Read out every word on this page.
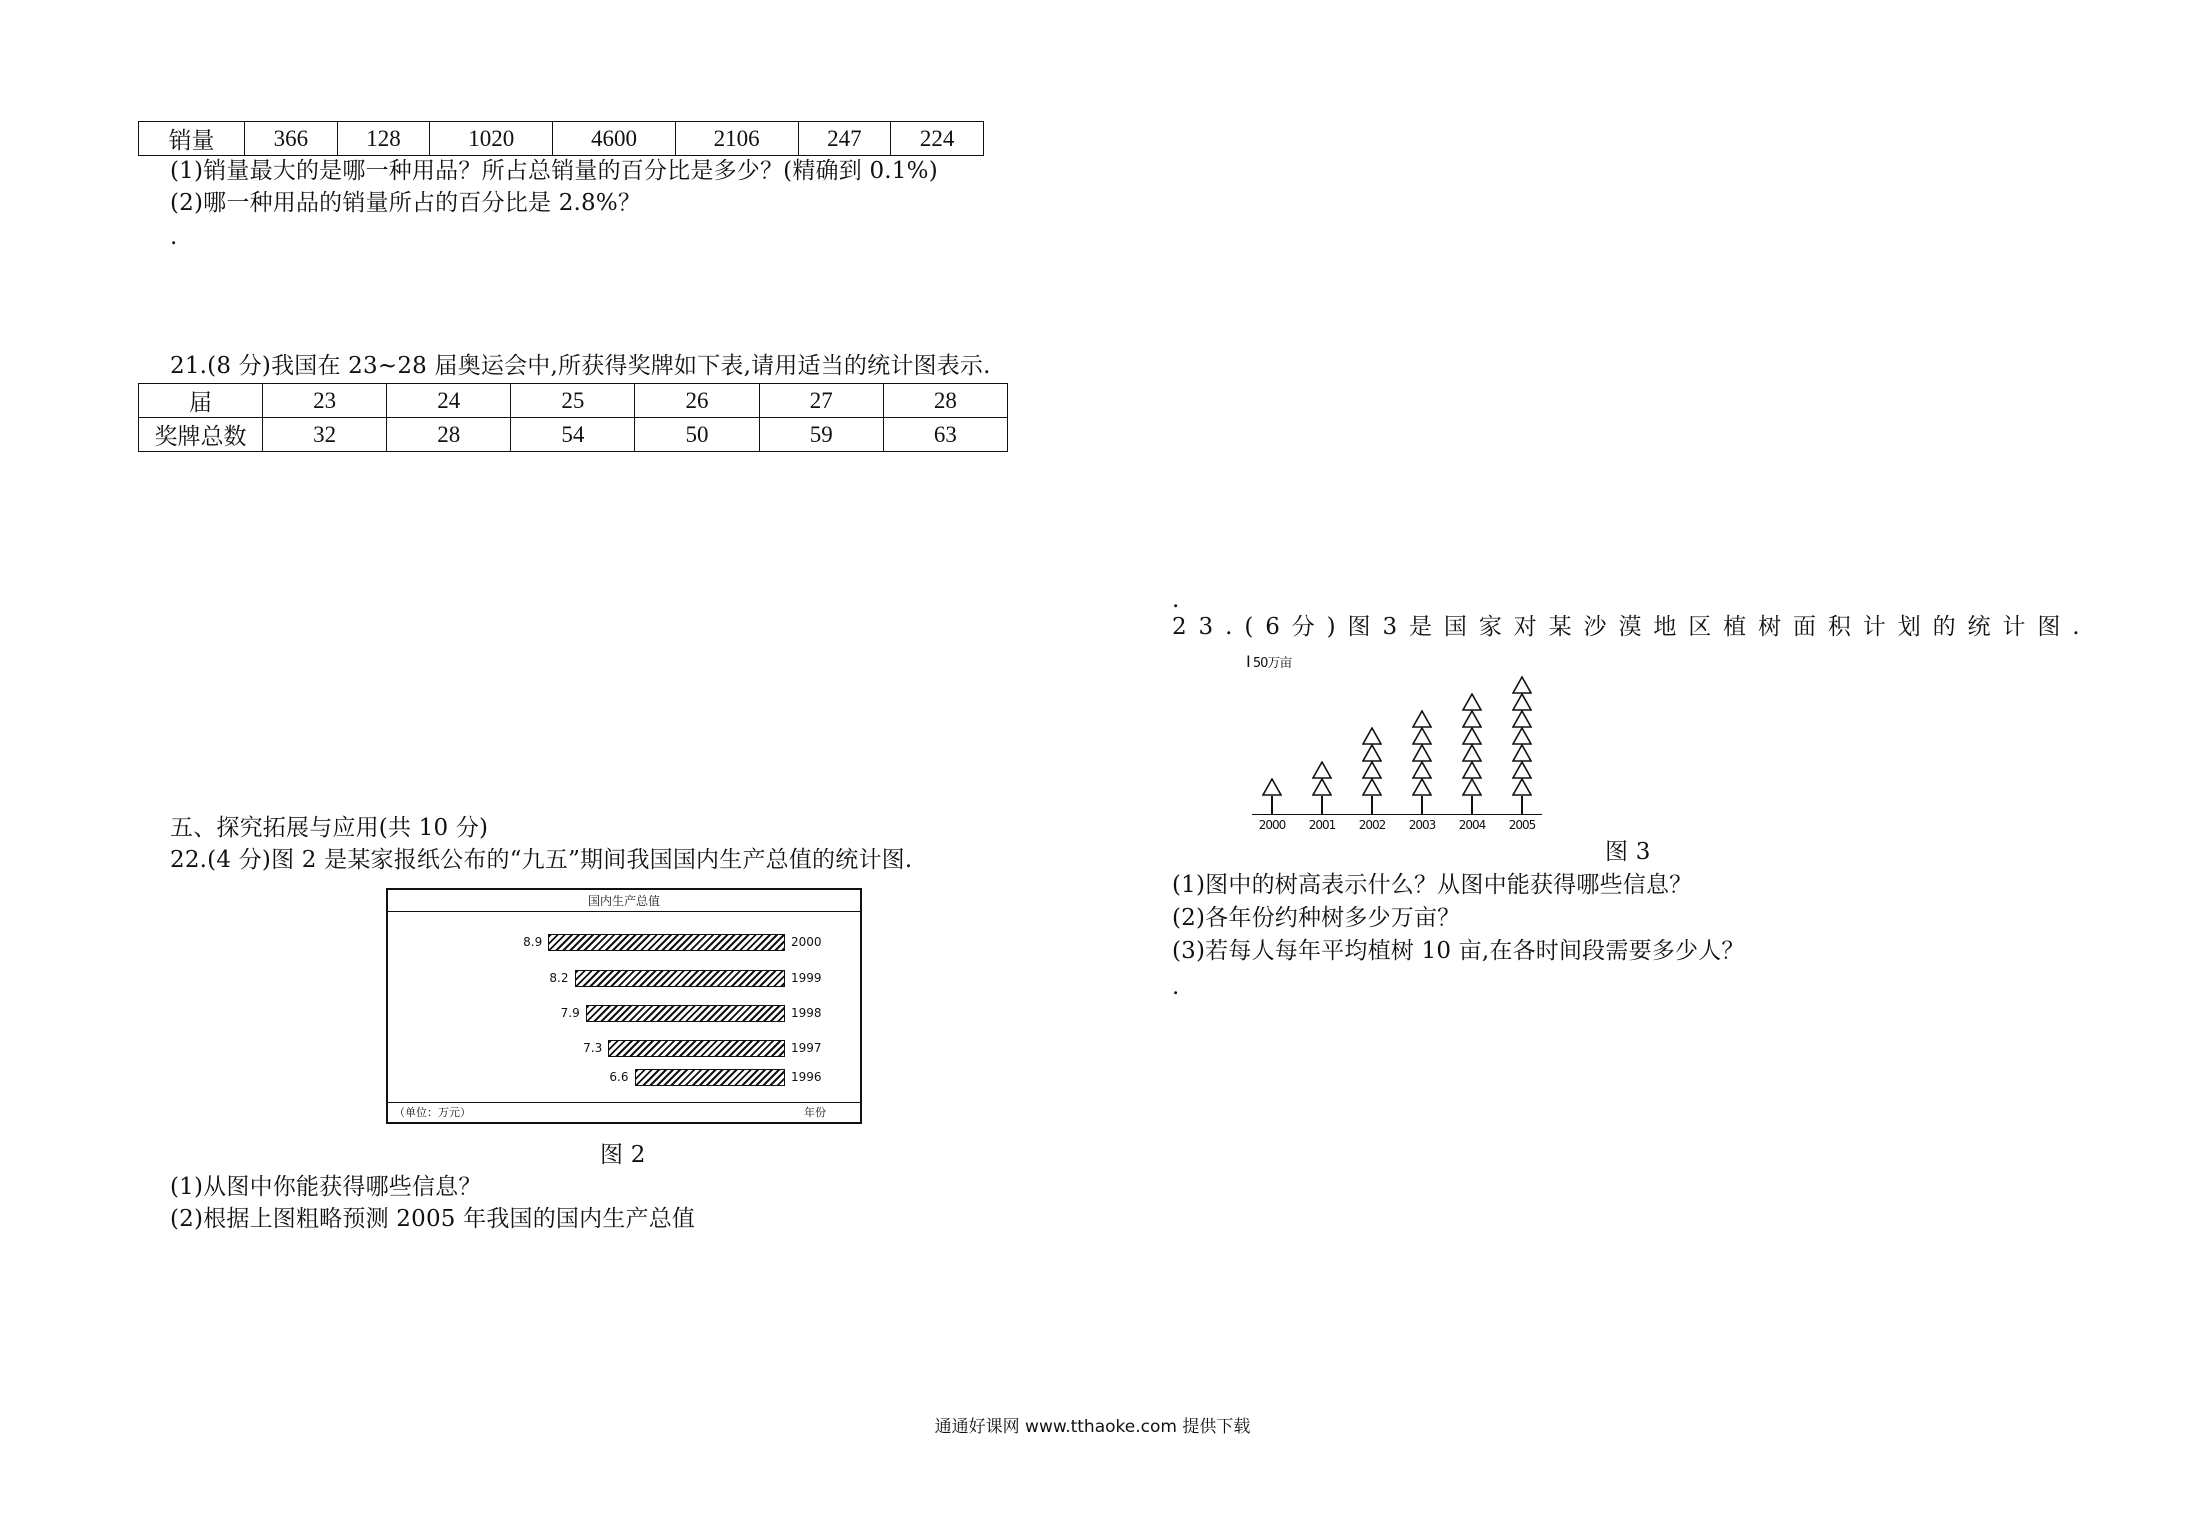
销量	366	128	1020	4600	2106	247	224
(1)销量最大的是哪一种用品？所占总销量的百分比是多少？(精确到 0.1%)
(2)哪一种用品的销量所占的百分比是 2.8%？
.
21.(8 分)我国在 23~28 届奥运会中,所获得奖牌如下表,请用适当的统计图表示.
届	23	24	25	26	27	28
奖牌总数	32	28	54	50	59	63
五、探究拓展与应用(共 10 分)
22.(4 分)图 2 是某家报纸公布的“九五”期间我国国内生产总值的统计图.
国内生产总值
8.9	2000
8.2	1999
7.9	1998
7.3	1997
6.6	1996
（单位：万元）	年份
图 2
(1)从图中你能获得哪些信息？
(2)根据上图粗略预测 2005 年我国的国内生产总值
.
2 3 . ( 6 分 ) 图 3 是 国 家 对 某 沙 漠 地 区 植 树 面 积 计 划 的 统 计 图 .
Ι 50万亩
2000	2001	2002	2003	2004	2005
图 3
(1)图中的树高表示什么？从图中能获得哪些信息？
(2)各年份约种树多少万亩？
(3)若每人每年平均植树 10 亩,在各时间段需要多少人？
.
通通好课网 www.tthaoke.com 提供下载
